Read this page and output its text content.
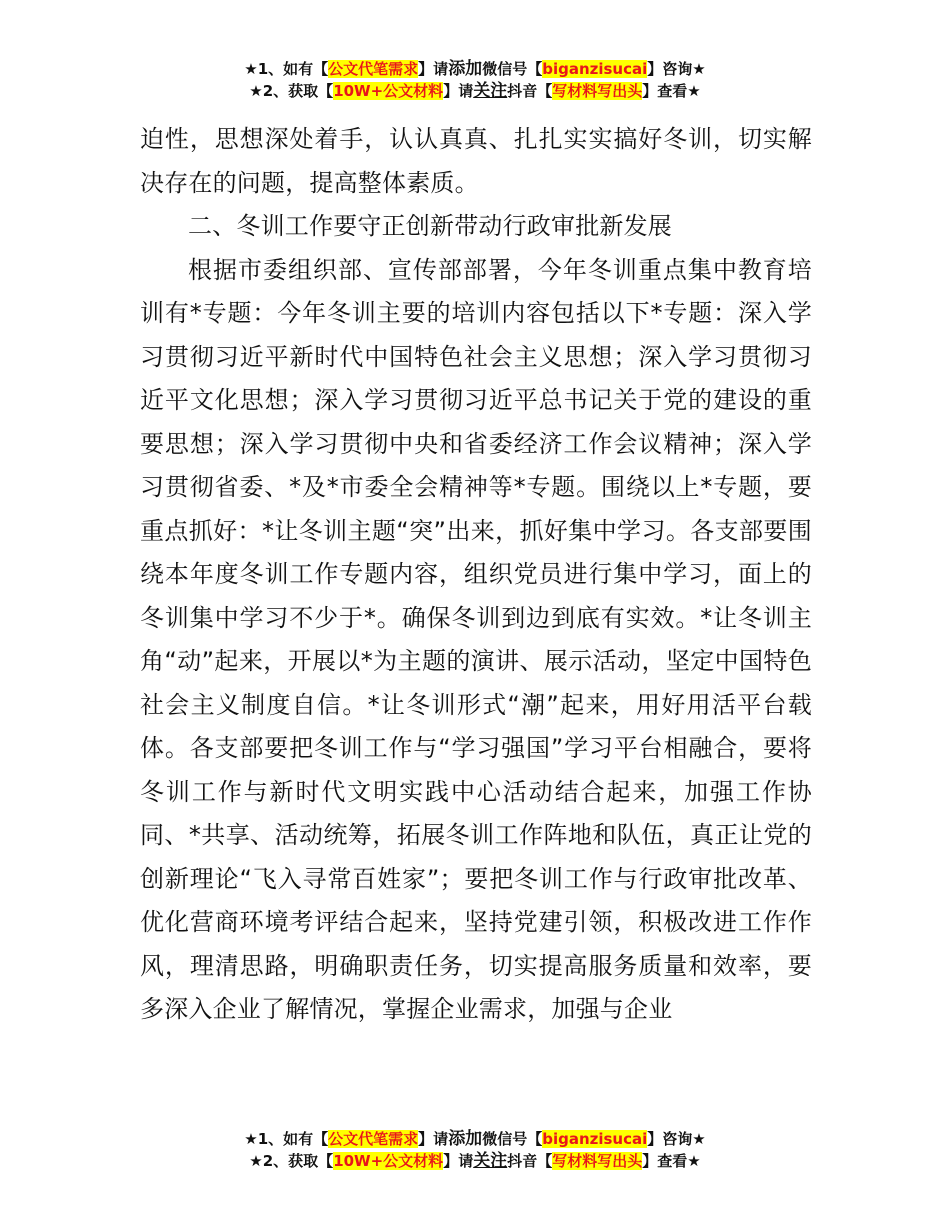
★1、如有【公文代笔需求】请添加微信号【biganzisucai】咨询★
★2、获取【10W+公文材料】请关注抖音【写材料写出头】查看★

迫性，思想深处着手，认认真真、扎扎实实搞好冬训，切实解决存在的问题，提高整体素质。

二、冬训工作要守正创新带动行政审批新发展

根据市委组织部、宣传部部署，今年冬训重点集中教育培训有*专题：今年冬训主要的培训内容包括以下*专题：深入学习贯彻习近平新时代中国特色社会主义思想；深入学习贯彻习近平文化思想；深入学习贯彻习近平总书记关于党的建设的重要思想；深入学习贯彻中央和省委经济工作会议精神；深入学习贯彻省委、*及*市委全会精神等*专题。围绕以上*专题，要重点抓好：*让冬训主题“突”出来，抓好集中学习。各支部要围绕本年度冬训工作专题内容，组织党员进行集中学习，面上的冬训集中学习不少于*。确保冬训到边到底有实效。*让冬训主角“动”起来，开展以*为主题的演讲、展示活动，坚定中国特色社会主义制度自信。*让冬训形式“潮”起来，用好用活平台载体。各支部要把冬训工作与“学习强国”学习平台相融合，要将冬训工作与新时代文明实践中心活动结合起来，加强工作协同、*共享、活动统筹，拓展冬训工作阵地和队伍，真正让党的创新理论“飞入寻常百姓家”；要把冬训工作与行政审批改革、优化营商环境考评结合起来，坚持党建引领，积极改进工作作风，理清思路，明确职责任务，切实提高服务质量和效率，要多深入企业了解情况，掌握企业需求，加强与企业

★1、如有【公文代笔需求】请添加微信号【biganzisucai】咨询★
★2、获取【10W+公文材料】请关注抖音【写材料写出头】查看★
